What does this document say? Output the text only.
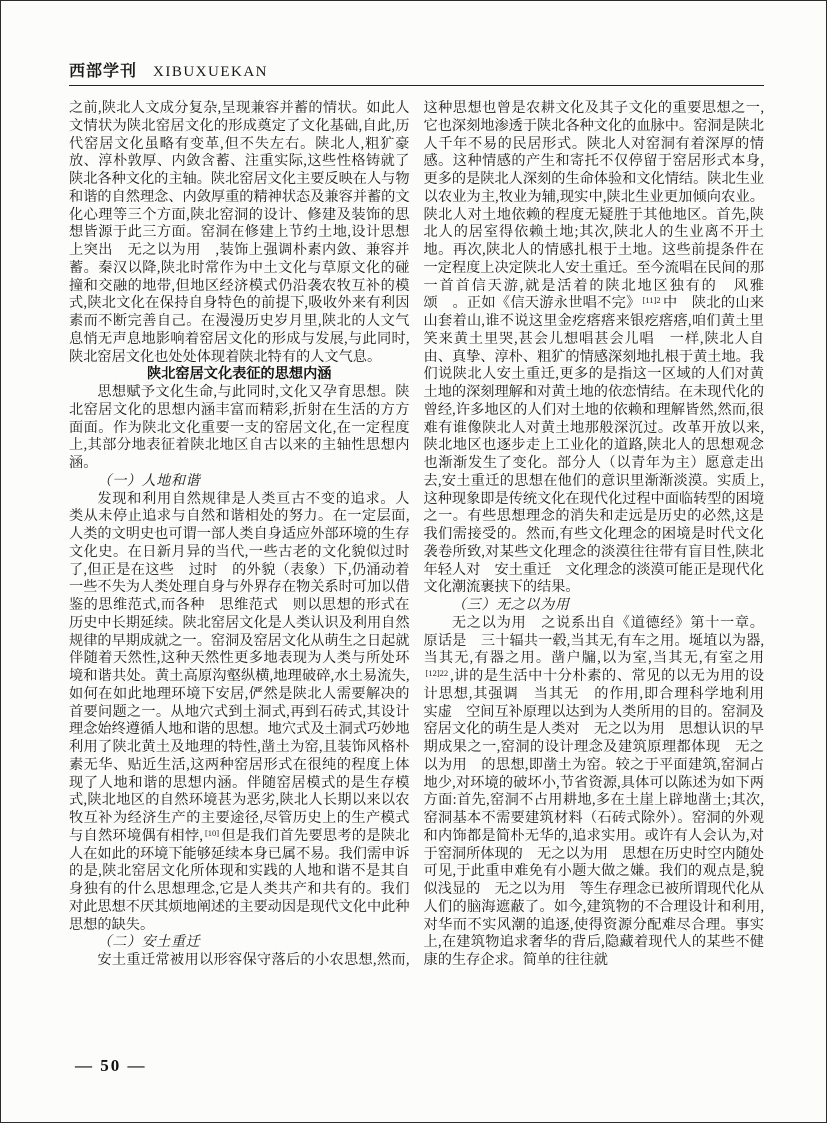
西部学刊 XIBUXUEKAN

之前,陕北人文成分复杂,呈现兼容并蓄的情状。如此人文情状为陕北窑居文化的形成奠定了文化基础,自此,历代窑居文化虽略有变革,但不失左右。陕北人,粗犷豪放、淳朴敦厚、内敛含蓄、注重实际,这些性格铸就了陕北各种文化的主轴。陕北窑居文化主要反映在人与物和谐的自然理念、内敛厚重的精神状态及兼容并蓄的文化心理等三个方面,陕北窑洞的设计、修建及装饰的思想皆源于此三方面。窑洞在修建上节约土地,设计思想上突出　无之以为用　,装饰上强调朴素内敛、兼容并蓄。秦汉以降,陕北时常作为中土文化与草原文化的碰撞和交融的地带,但地区经济模式仍沿袭农牧互补的模式,陕北文化在保持自身特色的前提下,吸收外来有利因素而不断完善自己。在漫漫历史岁月里,陕北的人文气息悄无声息地影响着窑居文化的形成与发展,与此同时,陕北窑居文化也处处体现着陕北特有的人文气息。

陕北窑居文化表征的思想内涵

思想赋予文化生命,与此同时,文化又孕育思想。陕北窑居文化的思想内涵丰富而精彩,折射在生活的方方面面。作为陕北文化重要一支的窑居文化,在一定程度上,其部分地表征着陕北地区自古以来的主轴性思想内涵。

（一）人地和谐

发现和利用自然规律是人类亘古不变的追求。人类从未停止追求与自然和谐相处的努力。在一定层面,人类的文明史也可谓一部人类自身适应外部环境的生存文化史。在日新月异的当代,一些古老的文化貌似过时了,但正是在这些　过时　的外貌（表象）下,仍涌动着一些不失为人类处理自身与外界存在物关系时可加以借鉴的思维范式,而各种　思维范式　则以思想的形式在历史中长期延续。陕北窑居文化是人类认识及利用自然规律的早期成就之一。窑洞及窑居文化从萌生之日起就伴随着天然性,这种天然性更多地表现为人类与所处环境和谐共处。黄土高原沟壑纵横,地理破碎,水土易流失,如何在如此地理环境下安居,俨然是陕北人需要解决的首要问题之一。从地穴式到土洞式,再到石砖式,其设计理念始终遵循人地和谐的思想。地穴式及土洞式巧妙地利用了陕北黄土及地理的特性,凿土为窑,且装饰风格朴素无华、贴近生活,这两种窑居形式在很纯的程度上体现了人地和谐的思想内涵。伴随窑居模式的是生存模式,陕北地区的自然环境甚为恶劣,陕北人长期以来以农牧互补为经济生产的主要途径,尽管历史上的生产模式与自然环境偶有相悖, [10] 但是我们首先要思考的是陕北人在如此的环境下能够延续本身已属不易。我们需申诉的是,陕北窑居文化所体现和实践的人地和谐不是其自身独有的什么思想理念,它是人类共产和共有的。我们对此思想不厌其烦地阐述的主要动因是现代文化中此种思想的缺失。

（二）安土重迁

安土重迁常被用以形容保守落后的小农思想,然而,

这种思想也曾是农耕文化及其子文化的重要思想之一,它也深刻地渗透于陕北各种文化的血脉中。窑洞是陕北人千年不易的民居形式。陕北人对窑洞有着深厚的情感。这种情感的产生和寄托不仅停留于窑居形式本身,更多的是陕北人深刻的生命体验和文化情结。陕北生业以农业为主,牧业为辅,现实中,陕北生业更加倾向农业。陕北人对土地依赖的程度无疑胜于其他地区。首先,陕北人的居室得依赖土地;其次,陕北人的生业离不开土地。再次,陕北人的情感扎根于土地。这些前提条件在一定程度上决定陕北人安土重迁。至今流唱在民间的那一首首信天游,就是活着的陕北地区独有的　风雅颂　。正如《信天游永世唱不完》 $^{[11]2}$ 中　陕北的山来山套着山,谁不说这里金疙瘩瘩来银疙瘩瘩,咱们黄土里笑来黄土里哭,甚会儿想唱甚会儿唱　一样,陕北人自由、真挚、淳朴、粗犷的情感深刻地扎根于黄土地。我们说陕北人安土重迁,更多的是指这一区域的人们对黄土地的深刻理解和对黄土地的依恋情结。在未现代化的曾经,许多地区的人们对土地的依赖和理解皆然,然而,很难有谁像陕北人对黄土地那般深沉过。改革开放以来,陕北地区也逐步走上工业化的道路,陕北人的思想观念也渐渐发生了变化。部分人（以青年为主）愿意走出去,安土重迁的思想在他们的意识里渐渐淡漠。实质上,这种现象即是传统文化在现代化过程中面临转型的困境之一。有些思想理念的消失和走远是历史的必然,这是我们需接受的。然而,有些文化理念的困境是时代文化袭卷所致,对某些文化理念的淡漠往往带有盲目性,陕北年轻人对　安土重迁　文化理念的淡漠可能正是现代化文化潮流裹挟下的结果。

（三）无之以为用

无之以为用　之说系出自《道德经》第十一章。原话是　三十辐共一毂,当其无,有车之用。埏埴以为器,当其无,有器之用。凿户牖,以为室,当其无,有室之用　$^{[12]22}$ ,讲的是生活中十分朴素的、常见的以无为用的设计思想,其强调　当其无　的作用,即合理科学地利用　实虚　空间互补原理以达到为人类所用的目的。窑洞及窑居文化的萌生是人类对　无之以为用　思想认识的早期成果之一,窑洞的设计理念及建筑原理都体现　无之以为用　的思想,即凿土为窑。较之于平面建筑,窑洞占地少,对环境的破坏小,节省资源,具体可以陈述为如下两方面:首先,窑洞不占用耕地,多在土崖上辟地凿土;其次,窑洞基本不需要建筑材料（石砖式除外）。窑洞的外观和内饰都是简朴无华的,追求实用。或许有人会认为,对于窑洞所体现的　无之以为用　思想在历史时空内随处可见,于此重申难免有小题大做之嫌。我们的观点是,貌似浅显的　无之以为用　等生存理念已被所谓现代化从人们的脑海遮蔽了。如今,建筑物的不合理设计和利用,对华而不实风潮的追逐,使得资源分配难尽合理。事实上,在建筑物追求奢华的背后,隐藏着现代人的某些不健康的生存企求。简单的往往就

— 50 —
